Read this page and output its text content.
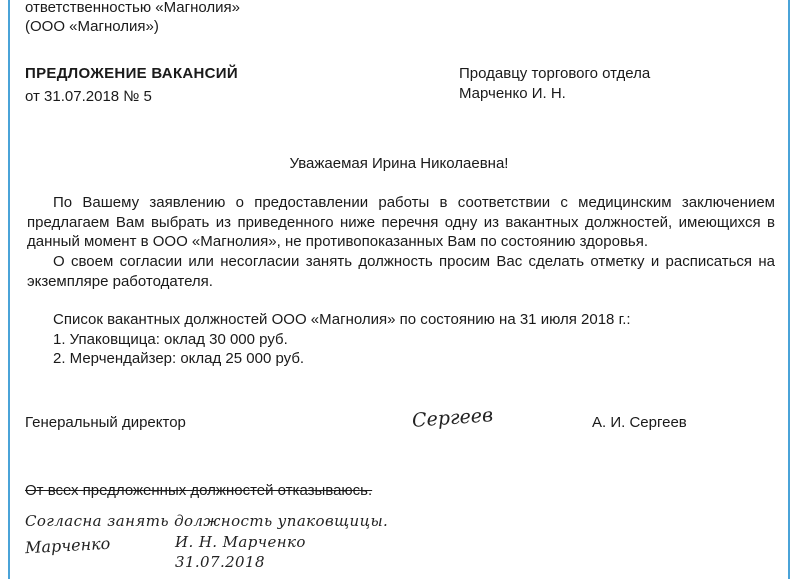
ответственностью «Магнолия»
(ООО «Магнолия»)
ПРЕДЛОЖЕНИЕ ВАКАНСИЙ
от 31.07.2018 № 5
Продавцу торгового отдела
Марченко И. Н.
Уважаемая Ирина Николаевна!
По Вашему заявлению о предоставлении работы в соответствии с медицинским заключением предлагаем Вам выбрать из приведенного ниже перечня одну из вакантных должностей, имеющихся в данный момент в ООО «Магнолия», не противопоказанных Вам по состоянию здоровья.
О своем согласии или несогласии занять должность просим Вас сделать отметку и расписаться на экземпляре работодателя.
Список вакантных должностей ООО «Магнолия» по состоянию на 31 июля 2018 г.:
1. Упаковщица: оклад 30 000 руб.
2. Мерчендайзер: оклад 25 000 руб.
Генеральный директор	Сергеев	А. И. Сергеев
От всех предложенных должностей отказываюсь.
Согласна занять должность упаковщицы.
Марченко	И. Н. Марченко
31.07.2018
